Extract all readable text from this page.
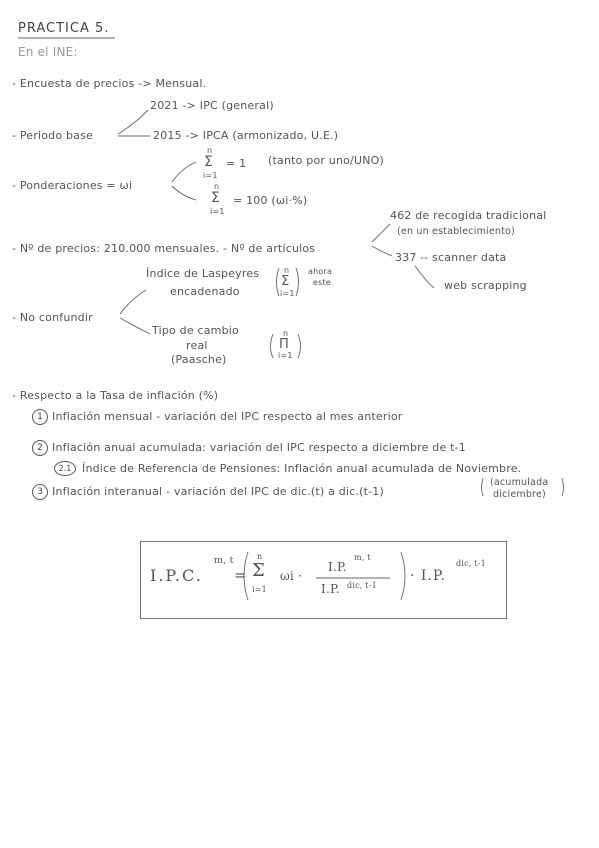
PRACTICA 5.
En el INE:
- Encuesta de precios -> Mensual.
2021 -> IPC (general)
- Periodo base	2015 -> IPCA (armonizado, U.E.)
- Ponderaciones = ωi
n
Σ
i=1
= 1 (tanto por uno/UNO)
n
Σ
i=1
= 100 (ωi·%)
462 de recogida tradicional
(en un establecimiento)
- Nº de precios: 210.000 mensuales. - Nº de artículos
337 -- scanner data
web scrapping
Índice de Laspeyres
encadenado
n
Σ
i=1
ahora
este
- No confundir
Tipo de cambio
real
(Paasche)
n
Π
i=1
- Respecto a la Tasa de inflación (%)
1 Inflación mensual - variación del IPC respecto al mes anterior
2 Inflación anual acumulada: variación del IPC respecto a diciembre de t-1
2.1 Índice de Referencia de Pensiones: Inflación anual acumulada de Noviembre.
3 Inflación interanual - variación del IPC de dic.(t) a dic.(t-1)
(acumulada
diciembre)
I.P.C.
m, t
=
n
Σ
i=1
ωi ·
I.P.
m, t
I.P. dic, t-1
· I.P.
dic, t-1
